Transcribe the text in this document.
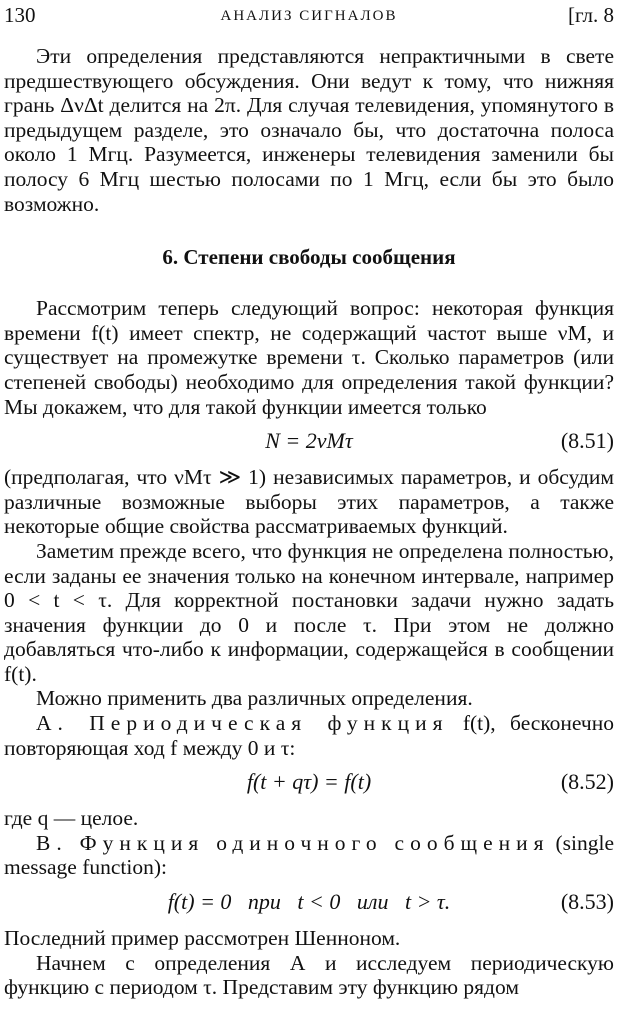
130	АНАЛИЗ СИГНАЛОВ	[гл. 8

Эти определения представляются непрактичными в свете предшествующего обсуждения. Они ведут к тому, что нижняя грань ΔνΔt делится на 2π. Для случая телевидения, упомянутого в предыдущем разделе, это означало бы, что достаточна полоса около 1 Мгц. Разумеется, инженеры телевидения заменили бы полосу 6 Мгц шестью полосами по 1 Мгц, если бы это было возможно.

6. Степени свободы сообщения

Рассмотрим теперь следующий вопрос: некоторая функция времени f(t) имеет спектр, не содержащий частот выше νM, и существует на промежутке времени τ. Сколько параметров (или степеней свободы) необходимо для определения такой функции? Мы докажем, что для такой функции имеется только

N = 2νMτ	(8.51)

(предполагая, что νMτ ≫ 1) независимых параметров, и обсудим различные возможные выборы этих параметров, а также некоторые общие свойства рассматриваемых функций.

Заметим прежде всего, что функция не определена полностью, если заданы ее значения только на конечном интервале, например 0 < t < τ. Для корректной постановки задачи нужно задать значения функции до 0 и после τ. При этом не должно добавляться что-либо к информации, содержащейся в сообщении f(t).

Можно применить два различных определения.

А. Периодическая функция f(t), бесконечно повторяющая ход f между 0 и τ:

f(t + qτ) = f(t)	(8.52)

где q — целое.

B. Функция одиночного сообщения (single message function):

f(t) = 0   при   t < 0   или   t > τ.	(8.53)

Последний пример рассмотрен Шенноном.

Начнем с определения А и исследуем периодическую функцию с периодом τ. Представим эту функцию рядом
